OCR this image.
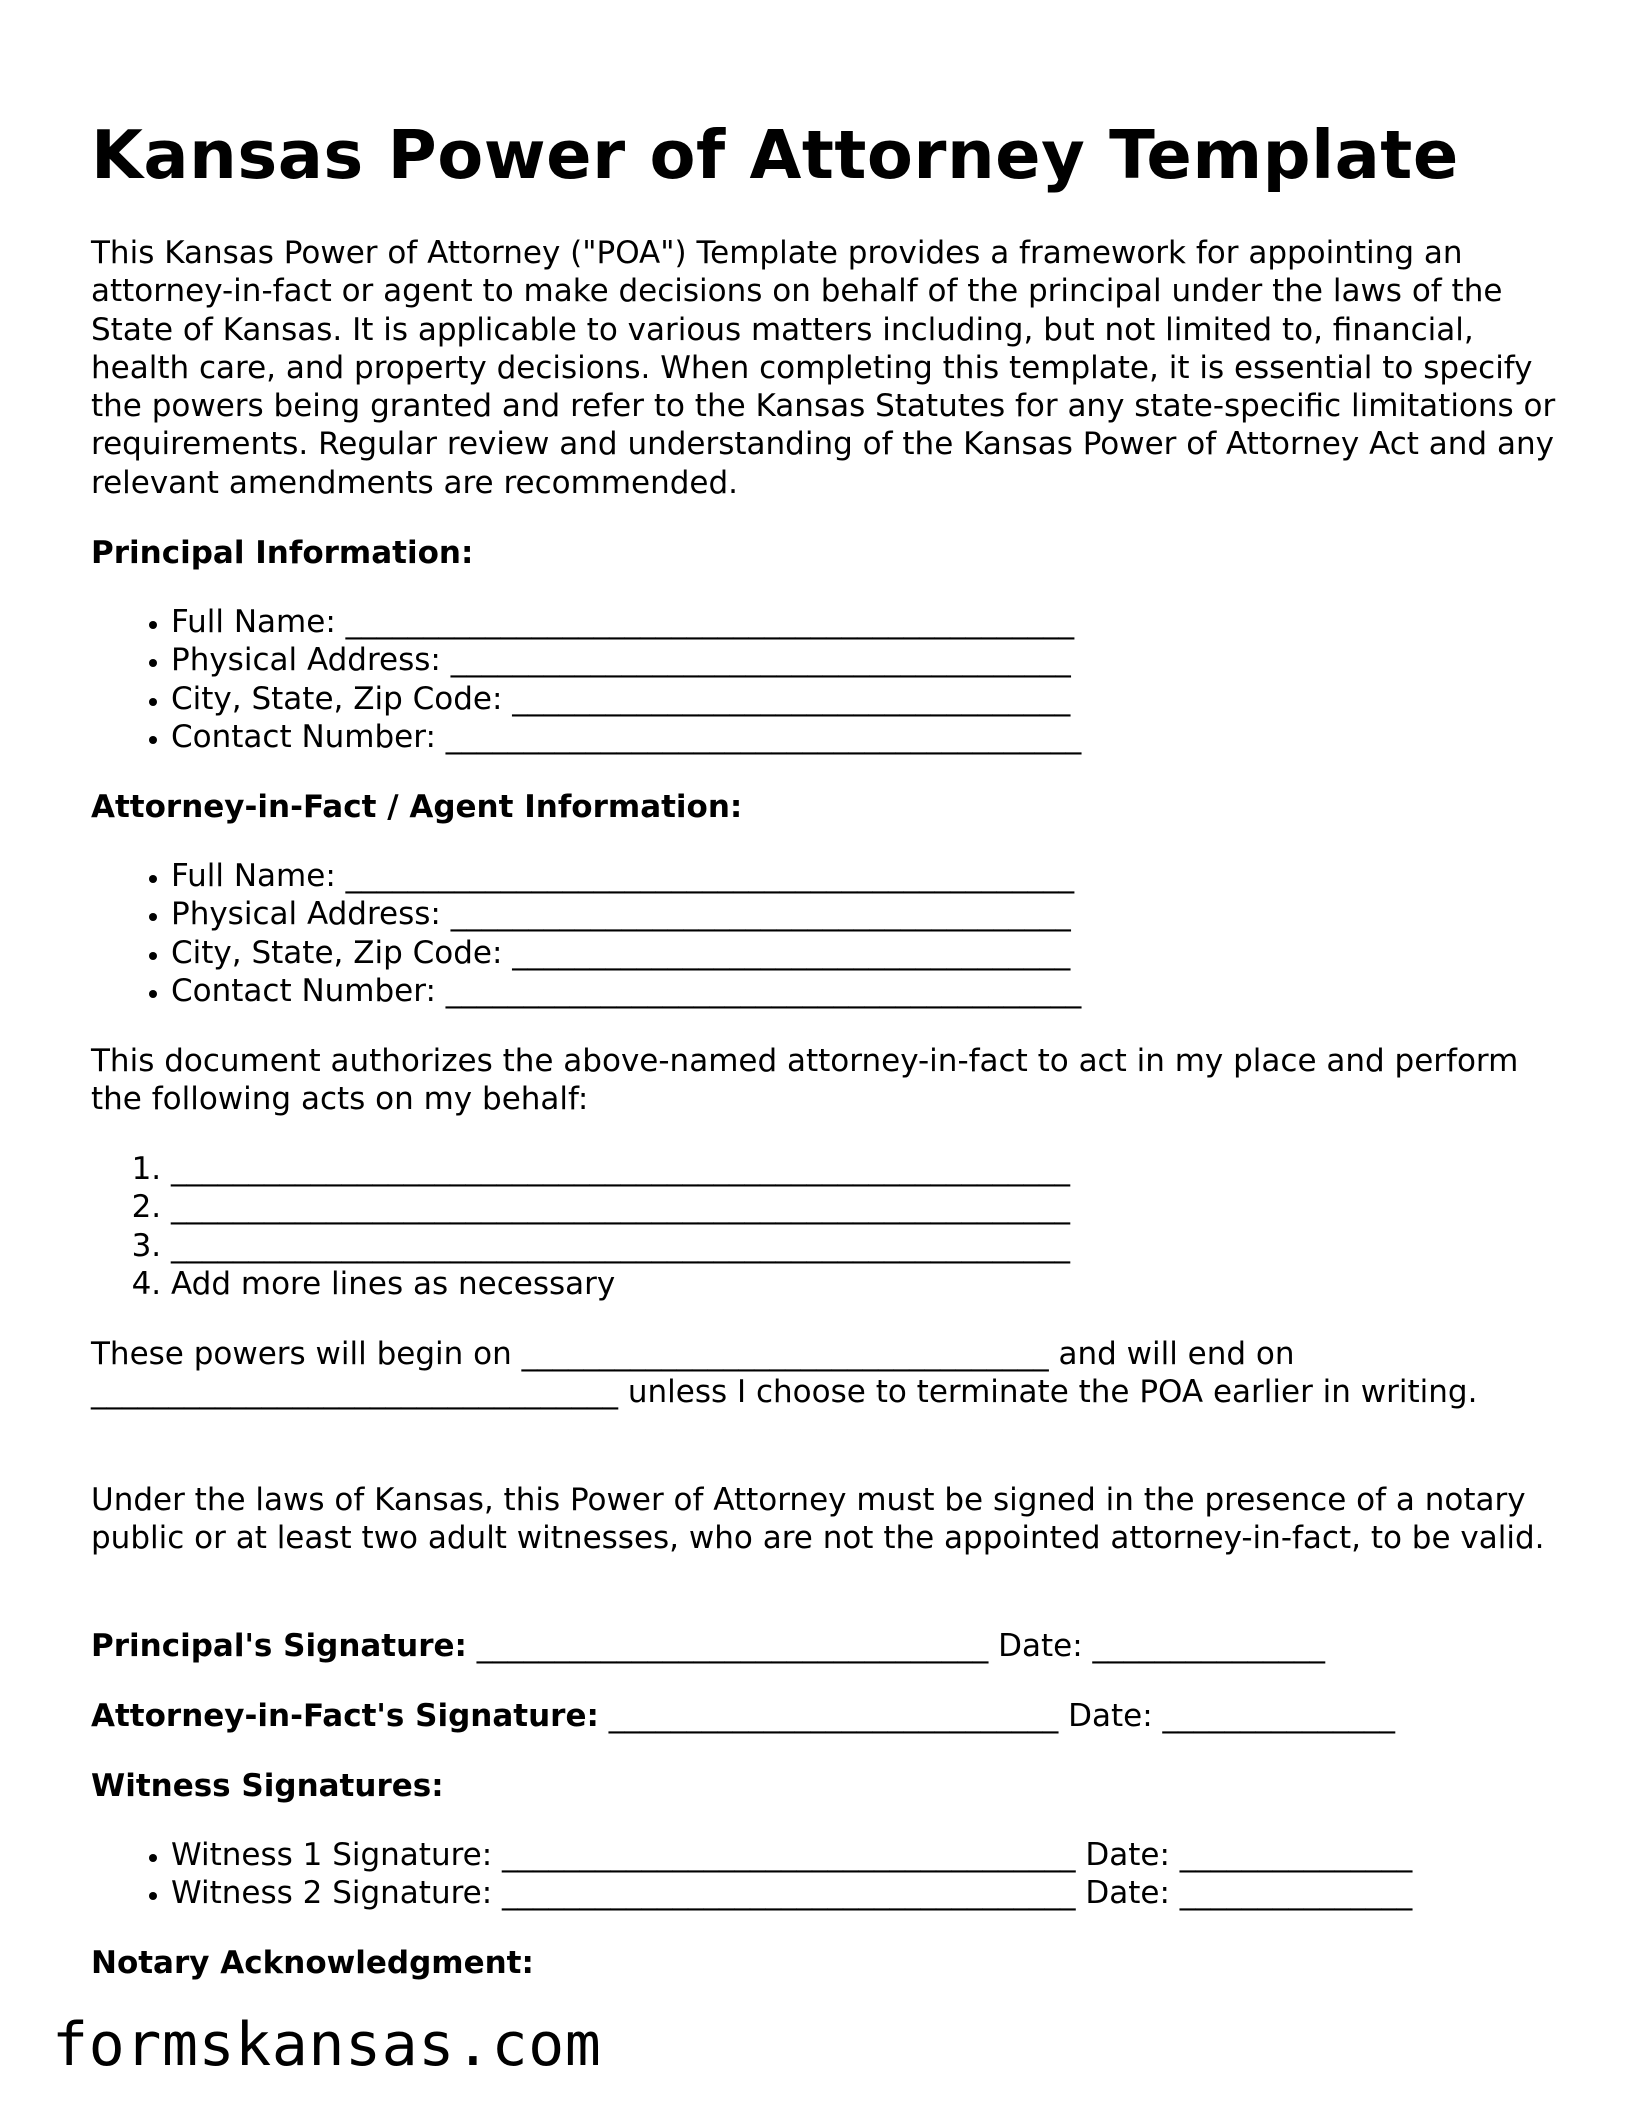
Kansas Power of Attorney Template

This Kansas Power of Attorney ("POA") Template provides a framework for appointing an attorney-in-fact or agent to make decisions on behalf of the principal under the laws of the State of Kansas. It is applicable to various matters including, but not limited to, financial, health care, and property decisions. When completing this template, it is essential to specify the powers being granted and refer to the Kansas Statutes for any state-specific limitations or requirements. Regular review and understanding of the Kansas Power of Attorney Act and any relevant amendments are recommended.

Principal Information:

• Full Name: _______________________________________________
• Physical Address: ________________________________________
• City, State, Zip Code: ____________________________________
• Contact Number: _________________________________________

Attorney-in-Fact / Agent Information:

• Full Name: _______________________________________________
• Physical Address: ________________________________________
• City, State, Zip Code: ____________________________________
• Contact Number: _________________________________________

This document authorizes the above-named attorney-in-fact to act in my place and perform the following acts on my behalf:

1. __________________________________________________________
2. __________________________________________________________
3. __________________________________________________________
4. Add more lines as necessary

These powers will begin on __________________________________ and will end on __________________________________ unless I choose to terminate the POA earlier in writing.

Under the laws of Kansas, this Power of Attorney must be signed in the presence of a notary public or at least two adult witnesses, who are not the appointed attorney-in-fact, to be valid.

Principal's Signature: _________________________________ Date: _______________

Attorney-in-Fact's Signature: _____________________________ Date: _______________

Witness Signatures:

• Witness 1 Signature: _____________________________________ Date: _______________
• Witness 2 Signature: _____________________________________ Date: _______________

Notary Acknowledgment:

formskansas.com
